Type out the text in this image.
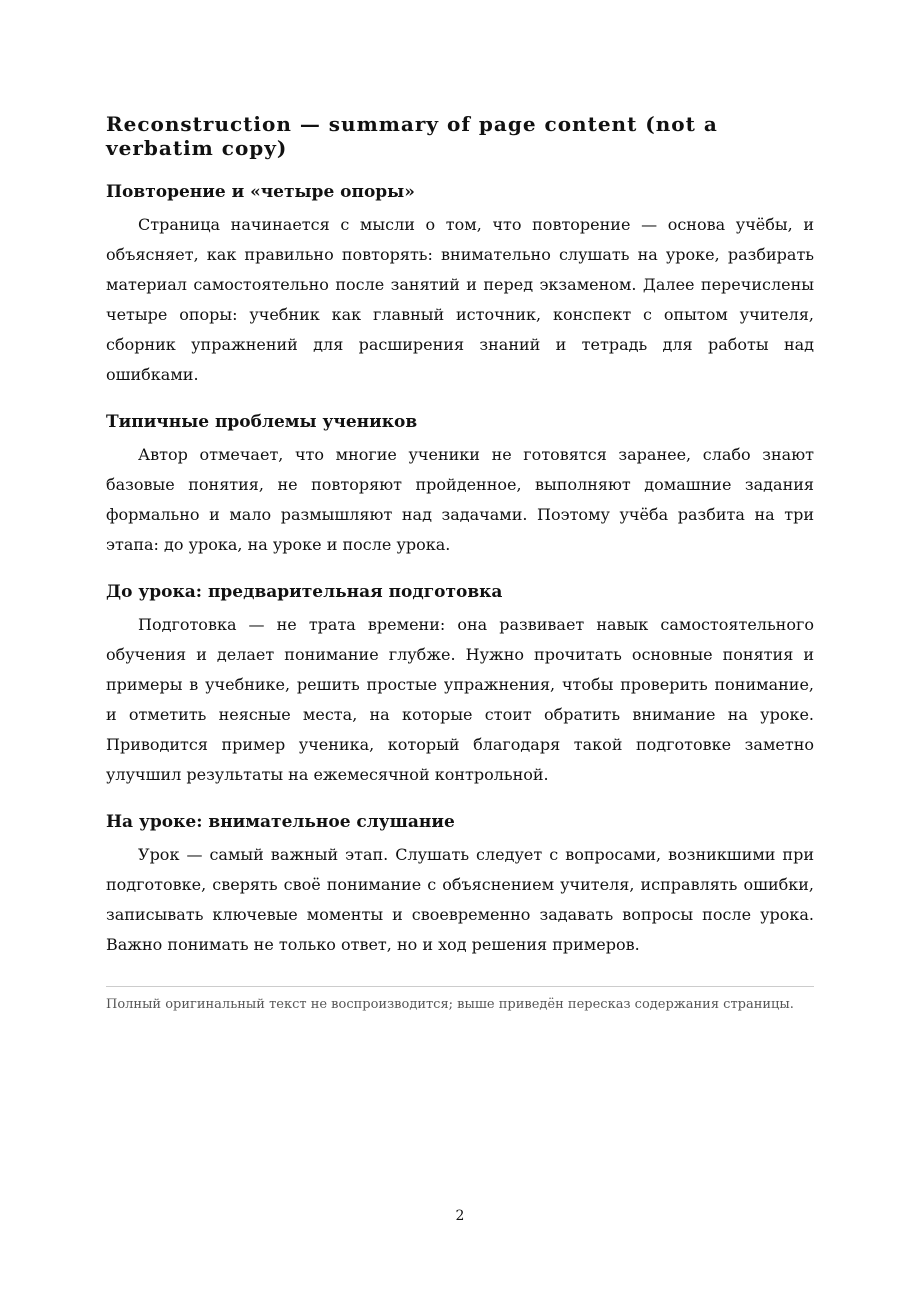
Reconstruction — summary of page content (not a verbatim copy)
Повторение и «четыре опоры»

Страница начинается с мысли о том, что повторение — основа учёбы, и объясняет, как правильно повторять: внимательно слушать на уроке, разбирать материал самостоятельно после занятий и перед экзаменом. Далее перечислены четыре опоры: учебник как главный источник, конспект с опытом учителя, сборник упражнений для расширения знаний и тетрадь для работы над ошибками.

Типичные проблемы учеников

Автор отмечает, что многие ученики не готовятся заранее, слабо знают базовые понятия, не повторяют пройденное, выполняют домашние задания формально и мало размышляют над задачами. Поэтому учёба разбита на три этапа: до урока, на уроке и после урока.

До урока: предварительная подготовка

Подготовка — не трата времени: она развивает навык самостоятельного обучения и делает понимание глубже. Нужно прочитать основные понятия и примеры в учебнике, решить простые упражнения, чтобы проверить понимание, и отметить неясные места, на которые стоит обратить внимание на уроке. Приводится пример ученика, который благодаря такой подготовке заметно улучшил результаты на ежемесячной контрольной.

На уроке: внимательное слушание

Урок — самый важный этап. Слушать следует с вопросами, возникшими при подготовке, сверять своё понимание с объяснением учителя, исправлять ошибки, записывать ключевые моменты и своевременно задавать вопросы после урока. Важно понимать не только ответ, но и ход решения примеров.

Полный оригинальный текст не воспроизводится; выше приведён пересказ содержания страницы.
2
